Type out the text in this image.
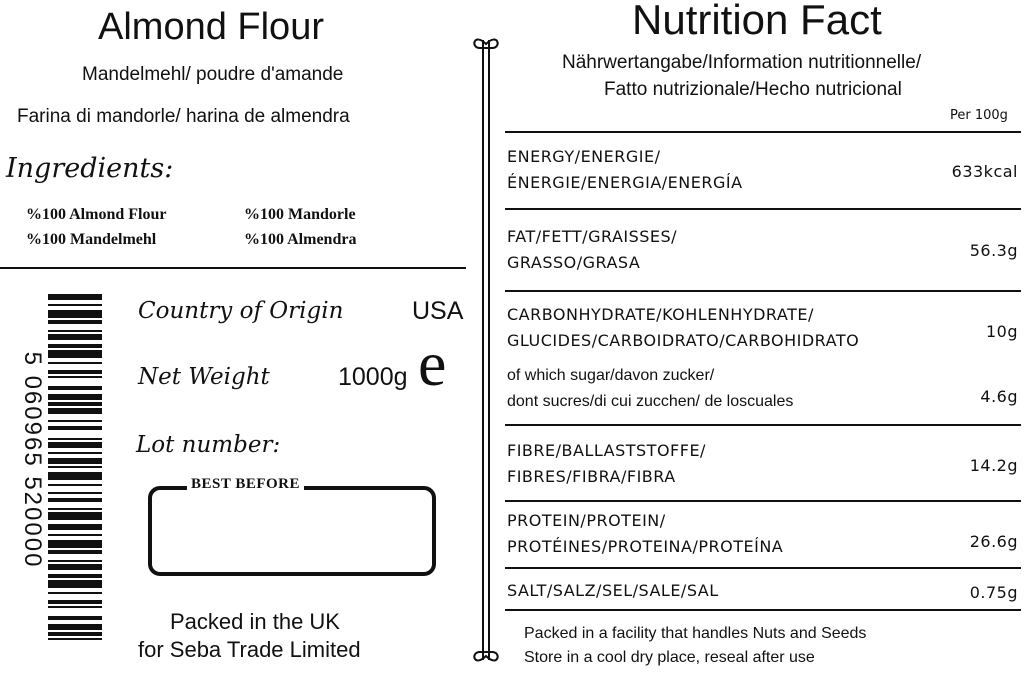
Almond Flour
Mandelmehl/ poudre d'amande
Farina di mandorle/ harina de almendra
Ingredients:
%100 Almond Flour	%100 Mandorle
%100 Mandelmehl	%100 Almendra
5 060965 520000
Country of Origin	USA
Net Weight	1000g e
Lot number:
BEST BEFORE
Packed in the UK
for Seba Trade Limited
Nutrition Fact
Nährwertangabe/Information nutritionnelle/
Fatto nutrizionale/Hecho nutricional
Per 100g
ENERGY/ENERGIE/
ÉNERGIE/ENERGIA/ENERGÍA
633kcal
FAT/FETT/GRAISSES/
GRASSO/GRASA
56.3g
CARBONHYDRATE/KOHLENHYDRATE/
GLUCIDES/CARBOIDRATO/CARBOHIDRATO	10g
of which sugar/davon zucker/
dont sucres/di cui zucchen/ de loscuales	4.6g
FIBRE/BALLASTSTOFFE/
FIBRES/FIBRA/FIBRA
14.2g
PROTEIN/PROTEIN/
PROTÉINES/PROTEINA/PROTEÍNA	26.6g
SALT/SALZ/SEL/SALE/SAL	0.75g
Packed in a facility that handles Nuts and Seeds
Store in a cool dry place, reseal after use
